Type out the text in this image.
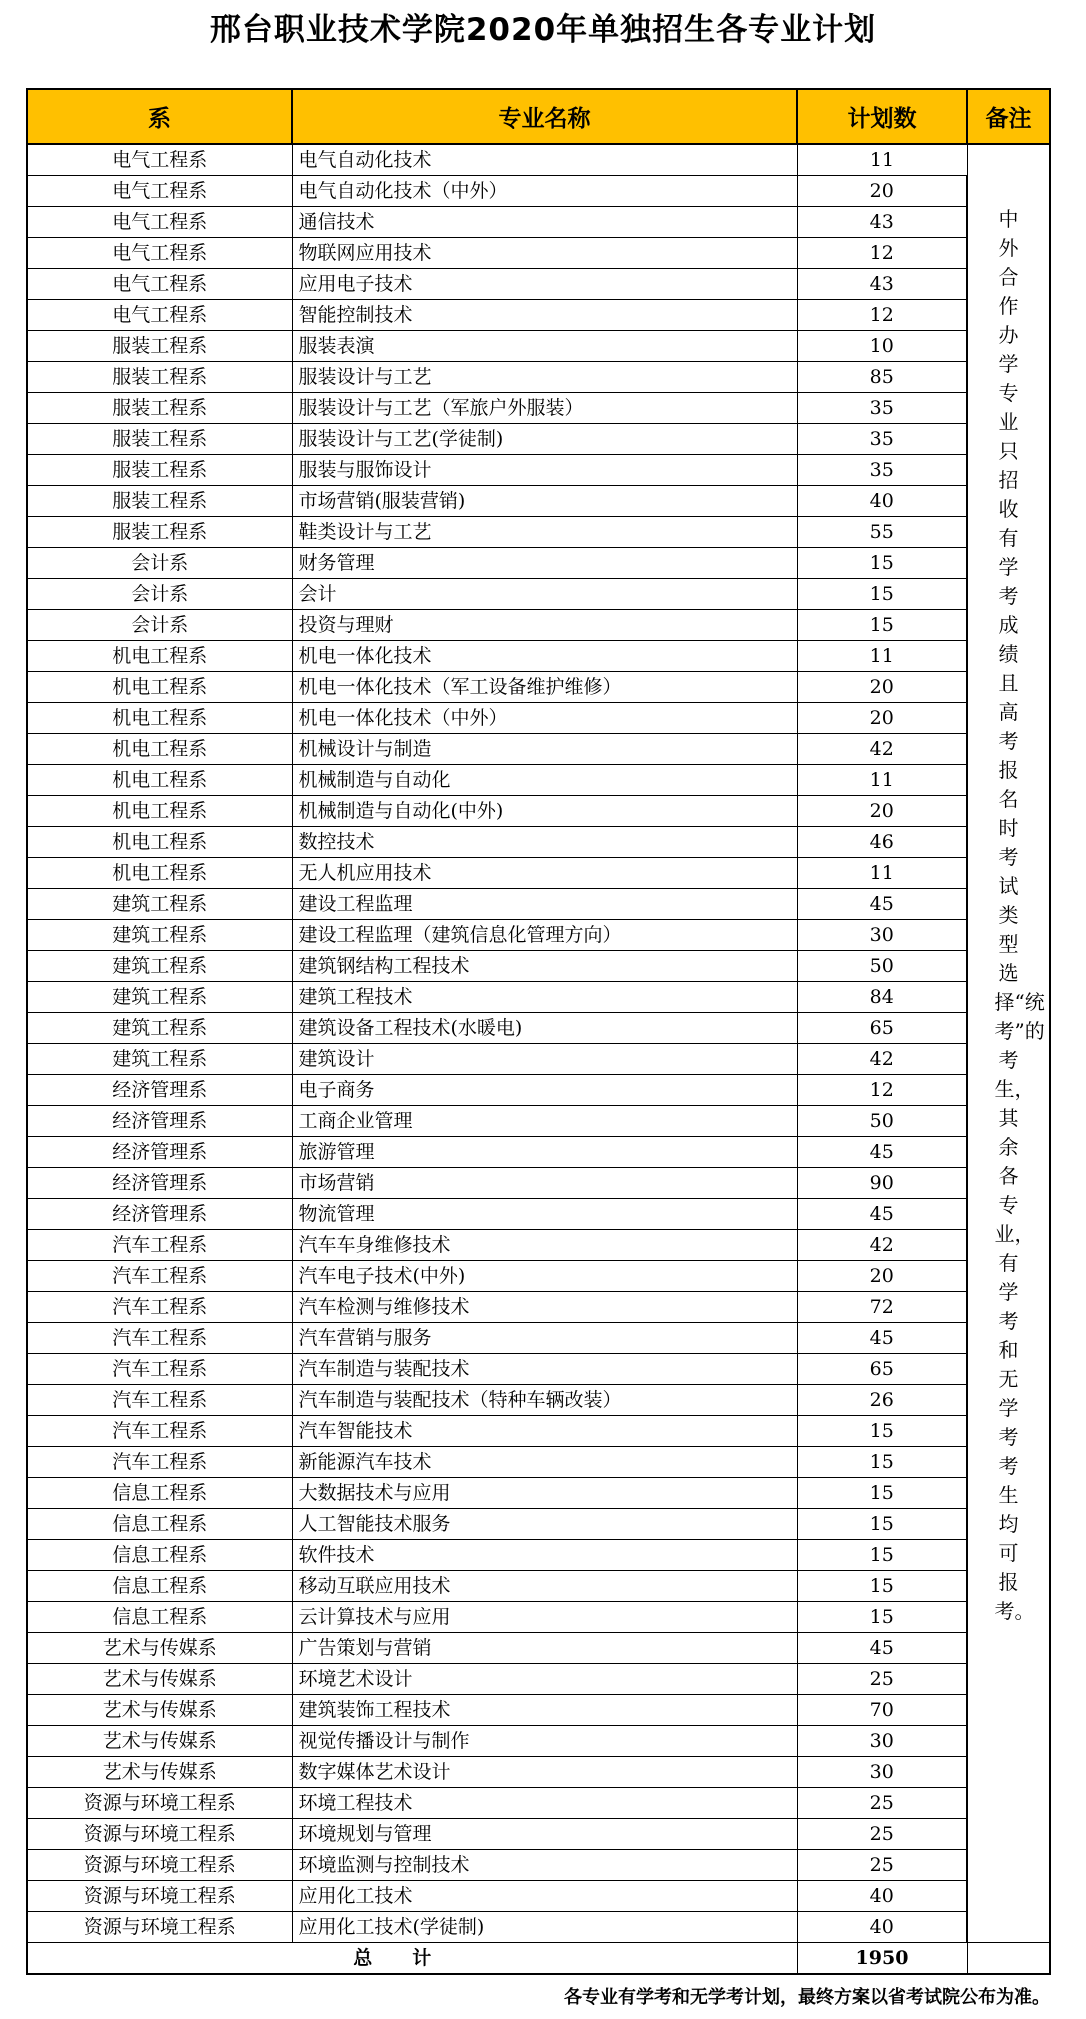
邢台职业技术学院2020年单独招生各专业计划
系	专业名称	计划数	备注
电气工程系	电气自动化技术	11	中外合作办学专业只招收有学考成绩且高考报名时考试类型选择“统考”的考生，其余各专业，有学考和无学考考生均可报考。
电气工程系	电气自动化技术（中外）	20	
电气工程系	通信技术	43	
电气工程系	物联网应用技术	12	
电气工程系	应用电子技术	43	
电气工程系	智能控制技术	12	
服装工程系	服装表演	10	
服装工程系	服装设计与工艺	85	
服装工程系	服装设计与工艺（军旅户外服装）	35	
服装工程系	服装设计与工艺(学徒制)	35	
服装工程系	服装与服饰设计	35	
服装工程系	市场营销(服装营销)	40	
服装工程系	鞋类设计与工艺	55	
会计系	财务管理	15	
会计系	会计	15	
会计系	投资与理财	15	
机电工程系	机电一体化技术	11	
机电工程系	机电一体化技术（军工设备维护维修）	20	
机电工程系	机电一体化技术（中外）	20	
机电工程系	机械设计与制造	42	
机电工程系	机械制造与自动化	11	
机电工程系	机械制造与自动化(中外)	20	
机电工程系	数控技术	46	
机电工程系	无人机应用技术	11	
建筑工程系	建设工程监理	45	
建筑工程系	建设工程监理（建筑信息化管理方向）	30	
建筑工程系	建筑钢结构工程技术	50	
建筑工程系	建筑工程技术	84	
建筑工程系	建筑设备工程技术(水暖电)	65	
建筑工程系	建筑设计	42	
经济管理系	电子商务	12	
经济管理系	工商企业管理	50	
经济管理系	旅游管理	45	
经济管理系	市场营销	90	
经济管理系	物流管理	45	
汽车工程系	汽车车身维修技术	42	
汽车工程系	汽车电子技术(中外)	20	
汽车工程系	汽车检测与维修技术	72	
汽车工程系	汽车营销与服务	45	
汽车工程系	汽车制造与装配技术	65	
汽车工程系	汽车制造与装配技术（特种车辆改装）	26	
汽车工程系	汽车智能技术	15	
汽车工程系	新能源汽车技术	15	
信息工程系	大数据技术与应用	15	
信息工程系	人工智能技术服务	15	
信息工程系	软件技术	15	
信息工程系	移动互联应用技术	15	
信息工程系	云计算技术与应用	15	
艺术与传媒系	广告策划与营销	45	
艺术与传媒系	环境艺术设计	25	
艺术与传媒系	建筑装饰工程技术	70	
艺术与传媒系	视觉传播设计与制作	30	
艺术与传媒系	数字媒体艺术设计	30	
资源与环境工程系	环境工程技术	25	
资源与环境工程系	环境规划与管理	25	
资源与环境工程系	环境监测与控制技术	25	
资源与环境工程系	应用化工技术	40	
资源与环境工程系	应用化工技术(学徒制)	40	
总计		1950	
各专业有学考和无学考计划，最终方案以省考试院公布为准。
